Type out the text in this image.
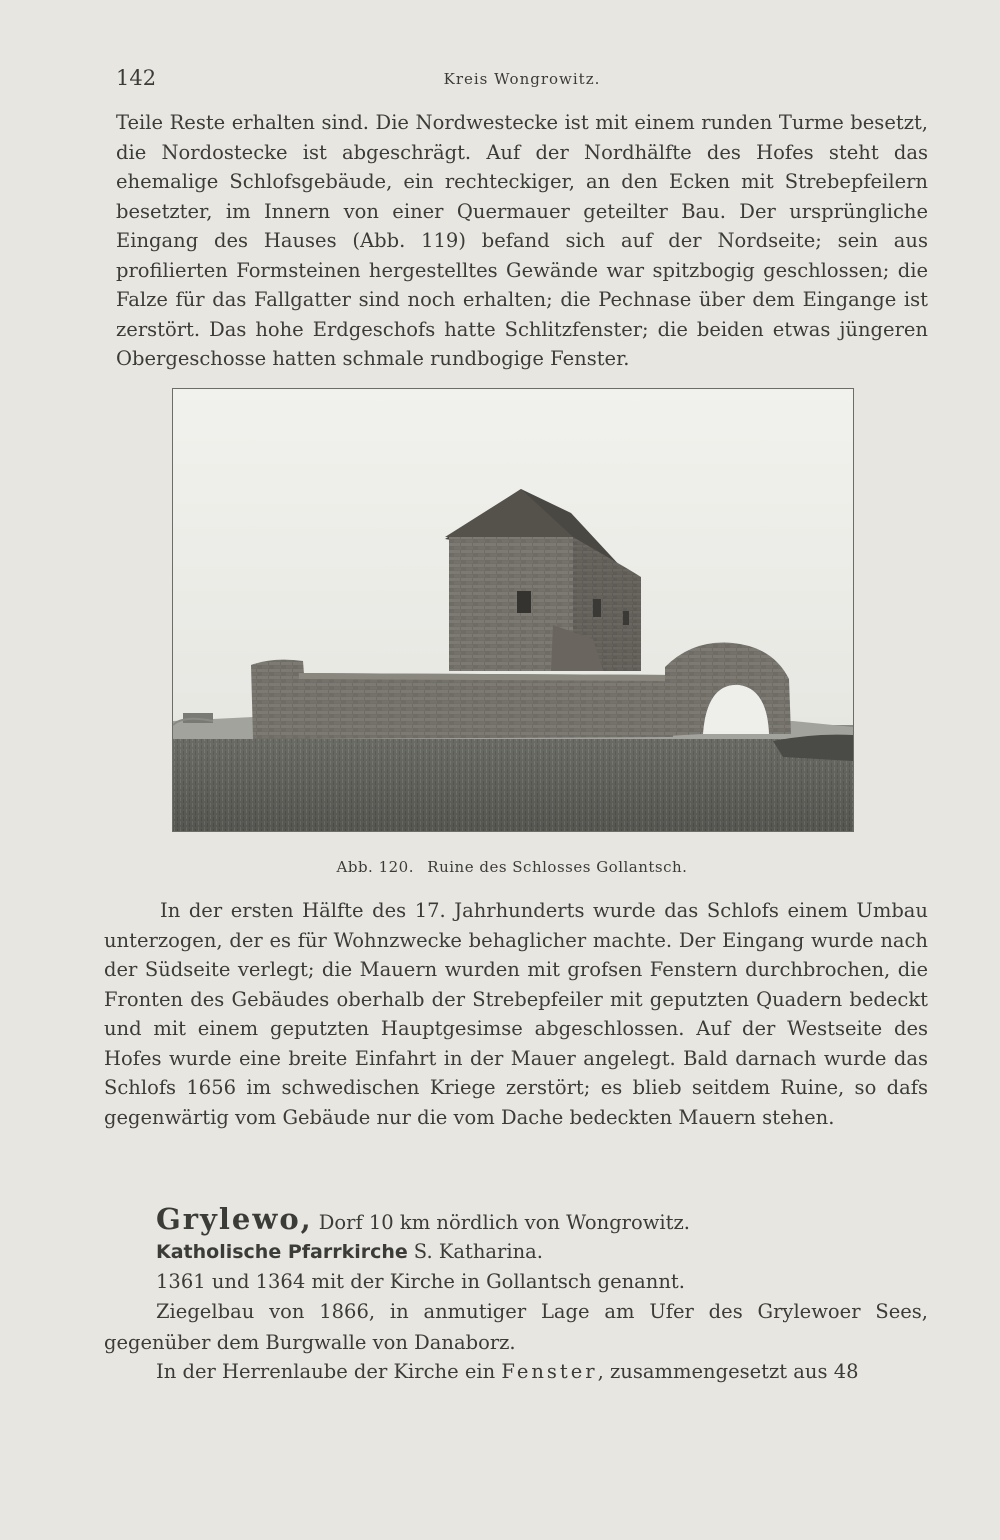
142	Kreis Wongrowitz.

Teile Reste erhalten sind. Die Nordwestecke ist mit einem runden Turme besetzt, die Nordostecke ist abgeschrägt. Auf der Nordhälfte des Hofes steht das ehemalige Schlofsgebäude, ein rechteckiger, an den Ecken mit Strebepfeilern besetzter, im Innern von einer Quermauer geteilter Bau. Der ursprüngliche Eingang des Hauses (Abb. 119) befand sich auf der Nordseite; sein aus profilierten Formsteinen hergestelltes Gewände war spitzbogig geschlossen; die Falze für das Fallgatter sind noch erhalten; die Pechnase über dem Eingange ist zerstört. Das hohe Erdgeschofs hatte Schlitzfenster; die beiden etwas jüngeren Obergeschosse hatten schmale rundbogige Fenster.

Abb. 120. Ruine des Schlosses Gollantsch.

In der ersten Hälfte des 17. Jahrhunderts wurde das Schlofs einem Umbau unterzogen, der es für Wohnzwecke behaglicher machte. Der Eingang wurde nach der Südseite verlegt; die Mauern wurden mit grofsen Fenstern durchbrochen, die Fronten des Gebäudes oberhalb der Strebepfeiler mit geputzten Quadern bedeckt und mit einem geputzten Hauptgesimse abgeschlossen. Auf der Westseite des Hofes wurde eine breite Einfahrt in der Mauer angelegt. Bald darnach wurde das Schlofs 1656 im schwedischen Kriege zerstört; es blieb seitdem Ruine, so dafs gegenwärtig vom Gebäude nur die vom Dache bedeckten Mauern stehen.

Grylewo, Dorf 10 km nördlich von Wongrowitz.
Katholische Pfarrkirche S. Katharina.
1361 und 1364 mit der Kirche in Gollantsch genannt.

Ziegelbau von 1866, in anmutiger Lage am Ufer des Grylewoer Sees, gegenüber dem Burgwalle von Danaborz.

In der Herrenlaube der Kirche ein Fenster, zusammengesetzt aus 48
